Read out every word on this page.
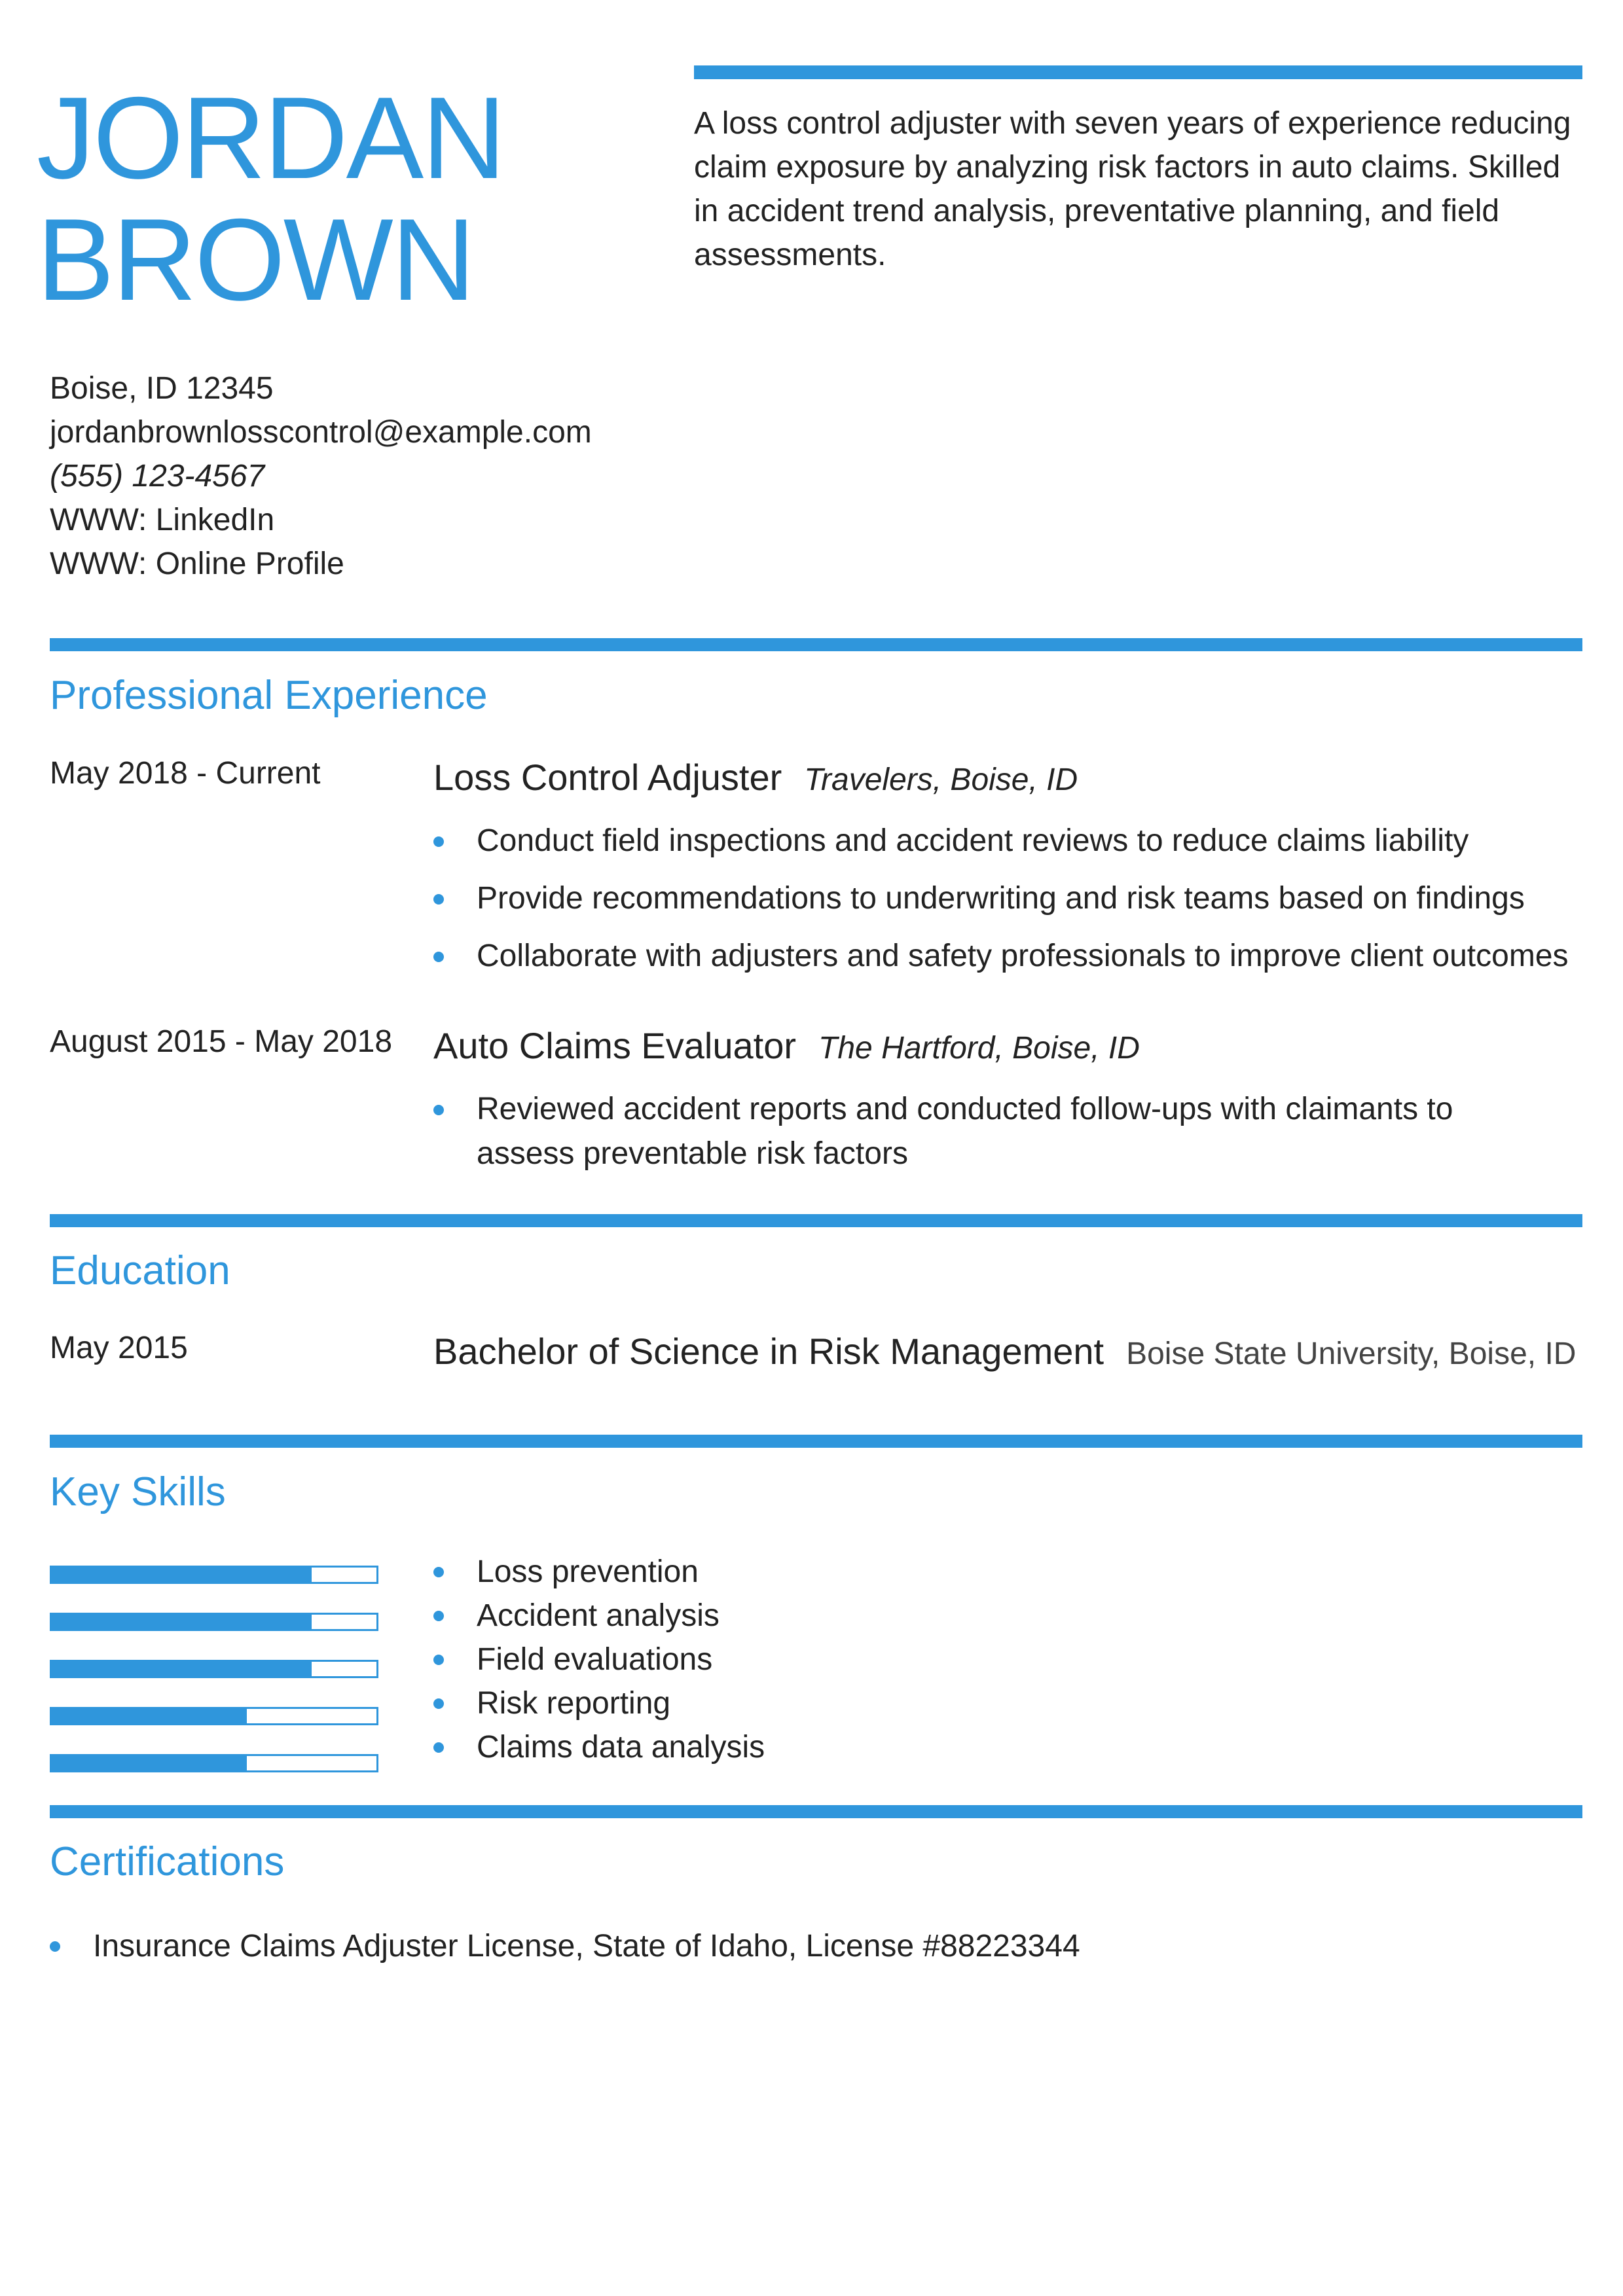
JORDAN
BROWN

A loss control adjuster with seven years of experience reducing claim exposure by analyzing risk factors in auto claims. Skilled in accident trend analysis, preventative planning, and field assessments.

Boise, ID 12345
jordanbrownlosscontrol@example.com
(555) 123-4567
WWW: LinkedIn
WWW: Online Profile
Professional Experience
May 2018 - Current	Loss Control Adjuster Travelers, Boise, ID
Conduct field inspections and accident reviews to reduce claims liability
Provide recommendations to underwriting and risk teams based on findings
Collaborate with adjusters and safety professionals to improve client outcomes
August 2015 - May 2018 Auto Claims Evaluator The Hartford, Boise, ID
Reviewed accident reports and conducted follow-ups with claimants to assess preventable risk factors
Education
May 2015	Bachelor of Science in Risk Management Boise State University, Boise, ID
Key Skills
Loss prevention
Accident analysis
Field evaluations
Risk reporting
Claims data analysis
Certifications
Insurance Claims Adjuster License, State of Idaho, License #88223344
